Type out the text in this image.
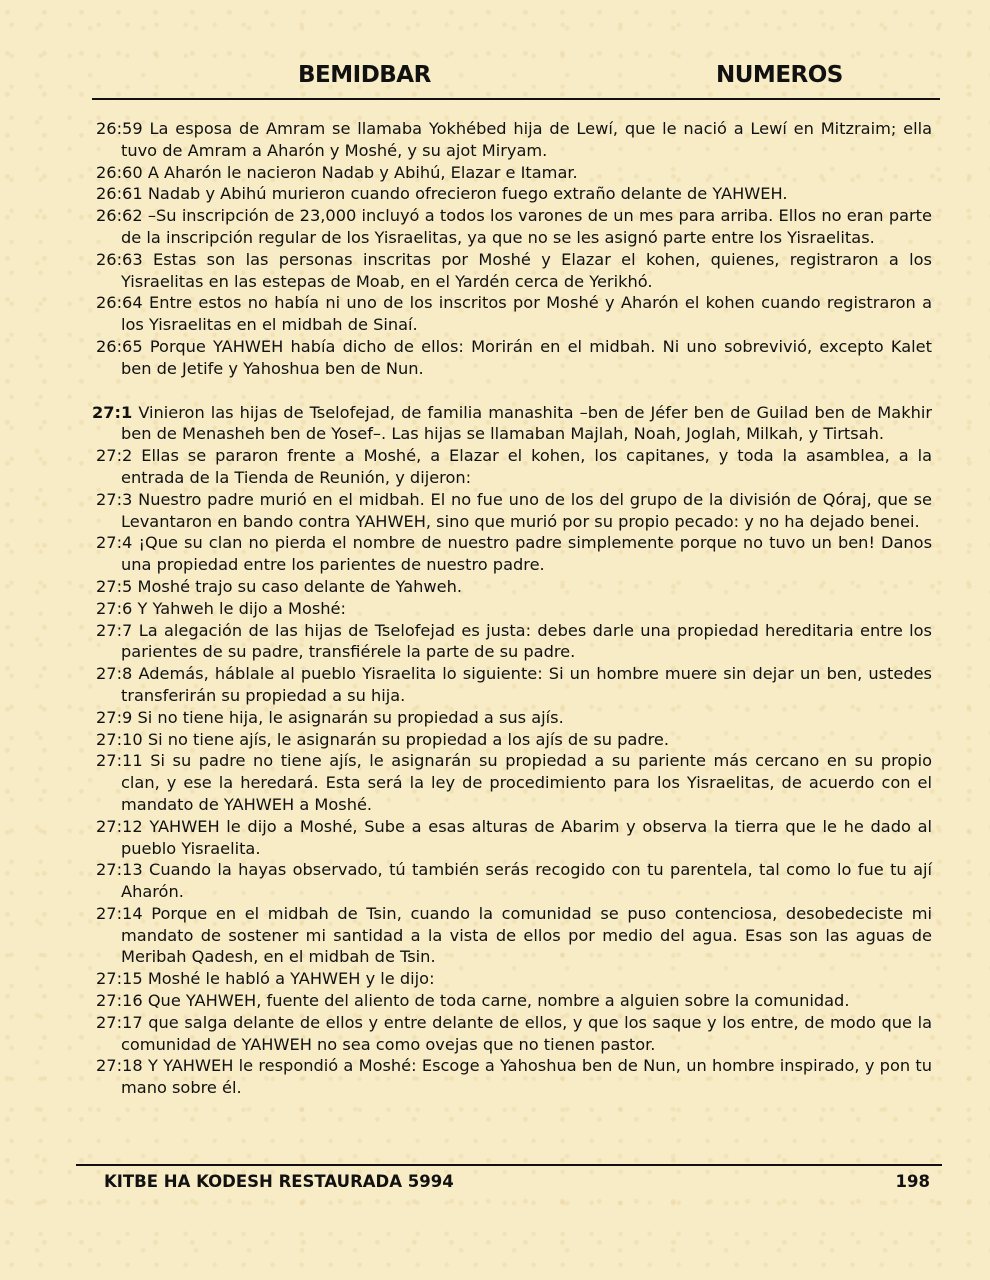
BEMIDBAR	NUMEROS

26:59 La esposa de Amram se llamaba Yokhébed hija de Lewí, que le nació a Lewí en Mitzraim; ella tuvo de Amram a Aharón y Moshé, y su ajot Miryam.

26:60 A Aharón le nacieron Nadab y Abihú, Elazar e Itamar.

26:61 Nadab y Abihú murieron cuando ofrecieron fuego extraño delante de YAHWEH.

26:62 –Su inscripción de 23,000 incluyó a todos los varones de un mes para arriba. Ellos no eran parte de la inscripción regular de los Yisraelitas, ya que no se les asignó parte entre los Yisraelitas.

26:63 Estas son las personas inscritas por Moshé y Elazar el kohen, quienes, registraron a los Yisraelitas en las estepas de Moab, en el Yardén cerca de Yerikhó.

26:64 Entre estos no había ni uno de los inscritos por Moshé y Aharón el kohen cuando registraron a los Yisraelitas en el midbah de Sinaí.

26:65 Porque YAHWEH había dicho de ellos: Morirán en el midbah. Ni uno sobrevivió, excepto Kalet ben de Jetife y Yahoshua ben de Nun.

27:1 Vinieron las hijas de Tselofejad, de familia manashita –ben de Jéfer ben de Guilad ben de Makhir ben de Menasheh ben de Yosef–. Las hijas se llamaban Majlah, Noah, Joglah, Milkah, y Tirtsah.

27:2 Ellas se pararon frente a Moshé, a Elazar el kohen, los capitanes, y toda la asamblea, a la entrada de la Tienda de Reunión, y dijeron:

27:3 Nuestro padre murió en el midbah. El no fue uno de los del grupo de la división de Qóraj, que se Levantaron en bando contra YAHWEH, sino que murió por su propio pecado: y no ha dejado benei.

27:4 ¡Que su clan no pierda el nombre de nuestro padre simplemente porque no tuvo un ben! Danos una propiedad entre los parientes de nuestro padre.

27:5 Moshé trajo su caso delante de Yahweh.

27:6 Y Yahweh le dijo a Moshé:

27:7 La alegación de las hijas de Tselofejad es justa: debes darle una propiedad hereditaria entre los parientes de su padre, transfiérele la parte de su padre.

27:8 Además, háblale al pueblo Yisraelita lo siguiente: Si un hombre muere sin dejar un ben, ustedes transferirán su propiedad a su hija.

27:9 Si no tiene hija, le asignarán su propiedad a sus ajís.

27:10 Si no tiene ajís, le asignarán su propiedad a los ajís de su padre.

27:11 Si su padre no tiene ajís, le asignarán su propiedad a su pariente más cercano en su propio clan, y ese la heredará. Esta será la ley de procedimiento para los Yisraelitas, de acuerdo con el mandato de YAHWEH a Moshé.

27:12 YAHWEH le dijo a Moshé, Sube a esas alturas de Abarim y observa la tierra que le he dado al pueblo Yisraelita.

27:13 Cuando la hayas observado, tú también serás recogido con tu parentela, tal como lo fue tu ají Aharón.

27:14 Porque en el midbah de Tsin, cuando la comunidad se puso contenciosa, desobedeciste mi mandato de sostener mi santidad a la vista de ellos por medio del agua. Esas son las aguas de Meribah Qadesh, en el midbah de Tsin.

27:15 Moshé le habló a YAHWEH y le dijo:

27:16 Que YAHWEH, fuente del aliento de toda carne, nombre a alguien sobre la comunidad.

27:17 que salga delante de ellos y entre delante de ellos, y que los saque y los entre, de modo que la comunidad de YAHWEH no sea como ovejas que no tienen pastor.

27:18 Y YAHWEH le respondió a Moshé: Escoge a Yahoshua ben de Nun, un hombre inspirado, y pon tu mano sobre él.

KITBE HA KODESH RESTAURADA 5994	198
